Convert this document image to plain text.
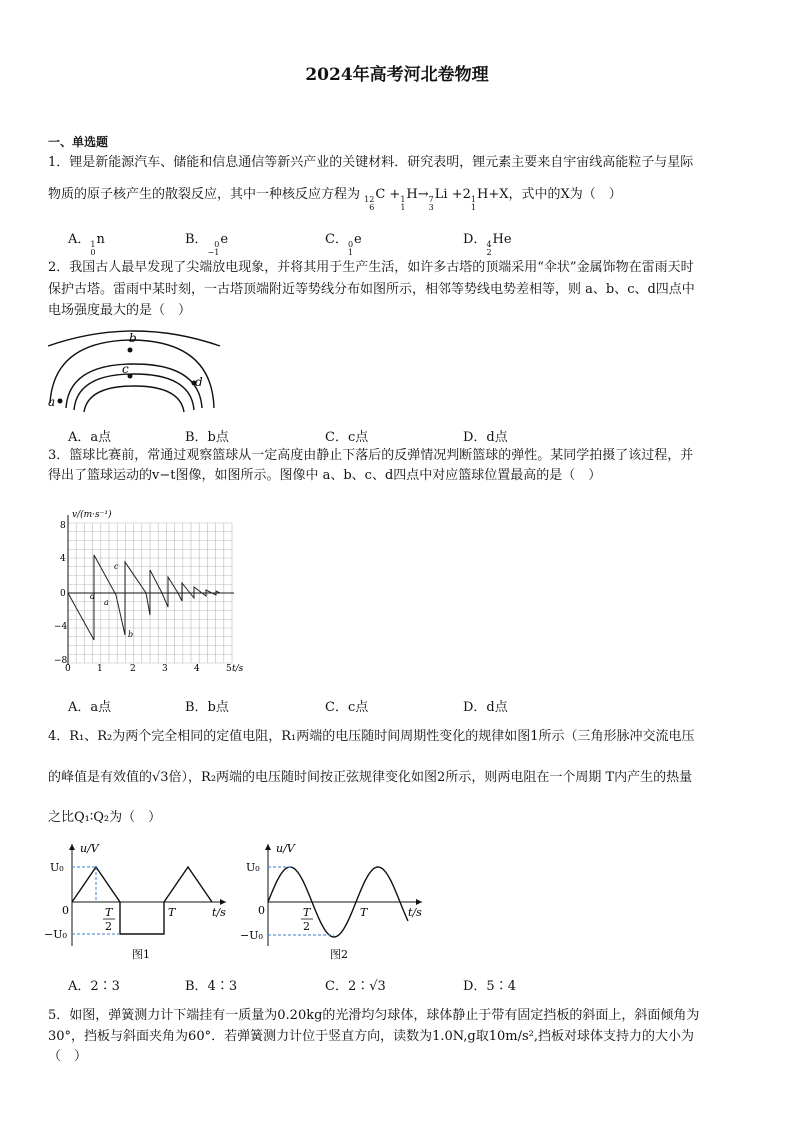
2024年高考河北卷物理
一、单选题
1．锂是新能源汽车、储能和信息通信等新兴产业的关键材料．研究表明，锂元素主要来自宇宙线高能粒子与星际
物质的原子核产生的散裂反应，其中一种核反应方程为 12
6
C + 1
1
H→ 7
3
Li +2 1
1
H+X，式中的X为（　）
A． 1
0
n	B． 0
−1
e	C． 0
1
e	D． 4
2
He
2．我国古人最早发现了尖端放电现象，并将其用于生产生活，如许多古塔的顶端采用“伞状”金属饰物在雷雨天时
保护古塔。雷雨中某时刻，一古塔顶端附近等势线分布如图所示，相邻等势线电势差相等，则 a、b、c、d四点中
电场强度最大的是（　）
b
c
d
a
A．a点	B．b点	C．c点	D．d点
3．篮球比赛前，常通过观察篮球从一定高度由静止下落后的反弹情况判断篮球的弹性。某同学拍摄了该过程，并
得出了篮球运动的v−t图像，如图所示。图像中 a、b、c、d四点中对应篮球位置最高的是（　）
v/(m·s⁻¹)
t/s
8
4
0
−4
−8
0	1	2	3	4	5
d
a
b
c
A．a点	B．b点	C．c点	D．d点
4．R₁、R₂为两个完全相同的定值电阻，R₁两端的电压随时间周期性变化的规律如图1所示（三角形脉冲交流电压
的峰值是有效值的√3倍），R₂两端的电压随时间按正弦规律变化如图2所示，则两电阻在一个周期 T内产生的热量
之比Q₁∶Q₂为（　）
u/V
t/s
U₀
−U₀
0	T
2
T
图1
u/V
t/s
U₀
−U₀
0	T
2
T
图2
A．2∶3	B．4∶3	C．2∶√3	D．5∶4
5．如图，弹簧测力计下端挂有一质量为0.20kg的光滑均匀球体，球体静止于带有固定挡板的斜面上，斜面倾角为
30°，挡板与斜面夹角为60°．若弹簧测力计位于竖直方向，读数为1.0N,g取10m/s²,挡板对球体支持力的大小为
（　）
